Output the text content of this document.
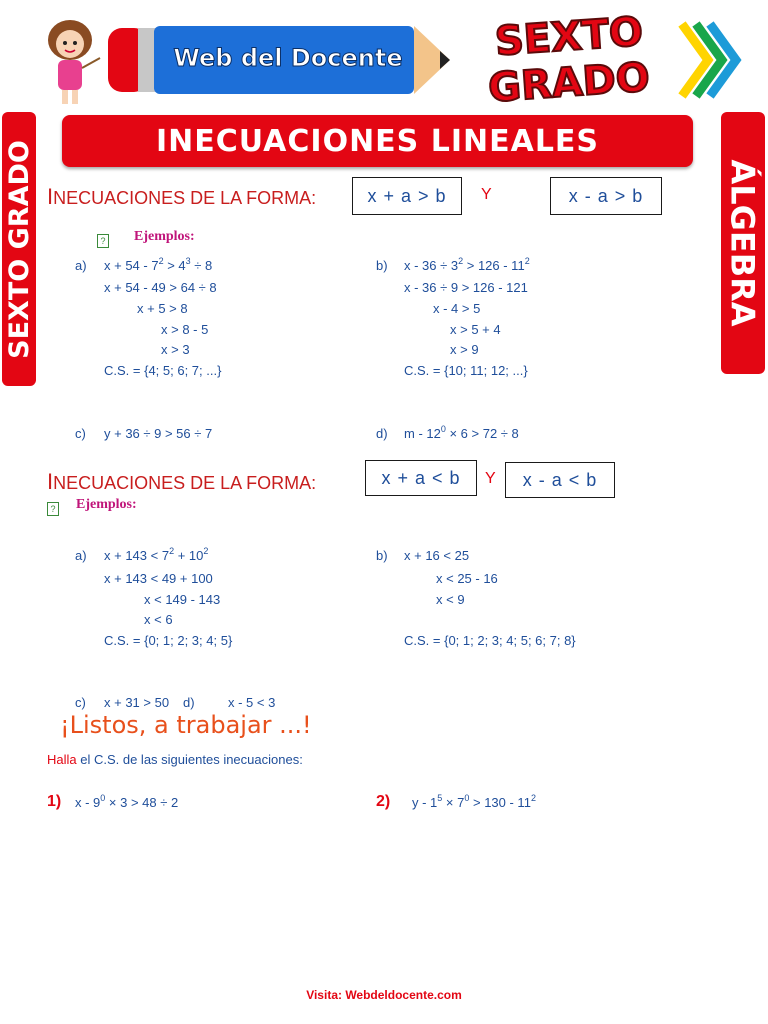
Web del Docente	SEXTO
GRADO
SEXTO GRADO	ÁLGEBRA
INECUACIONES LINEALES
INECUACIONES DE LA FORMA:	x + a > b	Y	x - a > b
? Ejemplos:
a) $x + 54 - 7^2 > 4^3 \div 8$
x + 54 - 49 > 64 ÷ 8
x + 5 > 8
x > 8 - 5
x > 3
C.S. = {4; 5; 6; 7; ...}
b) $x - 36 \div 3^2 > 126 - 11^2$
x - 36 ÷ 9 > 126 - 121
x - 4 > 5
x > 5 + 4
x > 9
C.S. = {10; 11; 12; ...}
c) y + 36 ÷ 9 > 56 ÷ 7	d) $m - 12^0 \times 6 > 72 \div 8$
INECUACIONES DE LA FORMA:	x + a < b	Y	x - a < b
? Ejemplos:
a) $x + 143 < 7^2 + 10^2$
x + 143 < 49 + 100
x < 149 - 143
x < 6
C.S. = {0; 1; 2; 3; 4; 5}
b) x + 16 < 25
x < 25 - 16
x < 9
C.S. = {0; 1; 2; 3; 4; 5; 6; 7; 8}
c) x + 31 > 50 d)	x - 5 < 3
¡Listos, a trabajar ...!
Halla el C.S. de las siguientes inecuaciones:
1) $x - 9^0 \times 3 > 48 \div 2$	2) $y - 1^5 \times 7^0 > 130 - 11^2$
Visita: Webdeldocente.com
